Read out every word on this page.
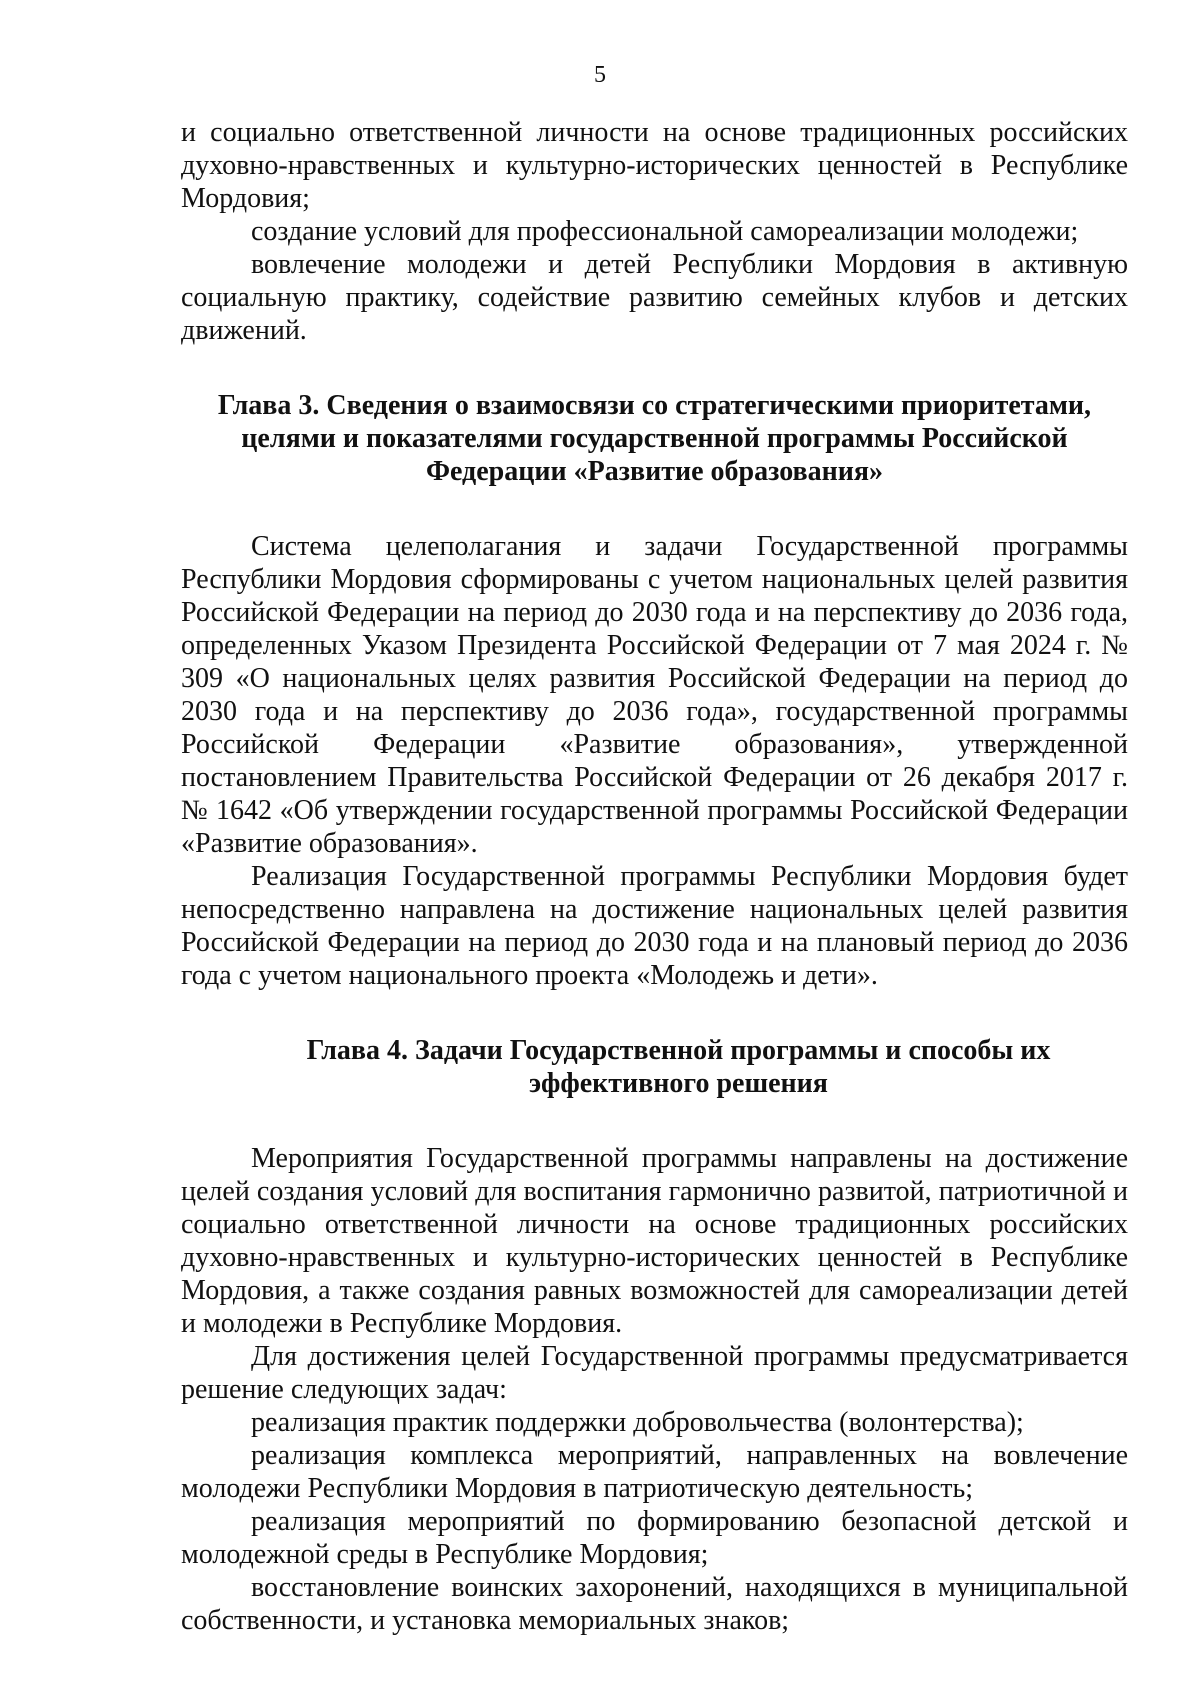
5

и социально ответственной личности на основе традиционных российских духовно-нравственных и культурно-исторических ценностей в Республике Мордовия;

создание условий для профессиональной самореализации молодежи;

вовлечение молодежи и детей Республики Мордовия в активную социальную практику, содействие развитию семейных клубов и детских движений.

Глава 3. Сведения о взаимосвязи со стратегическими приоритетами,
целями и показателями государственной программы Российской
Федерации «Развитие образования»

Система целеполагания и задачи Государственной программы Республики Мордовия сформированы с учетом национальных целей развития Российской Федерации на период до 2030 года и на перспективу до 2036 года, определенных Указом Президента Российской Федерации от 7 мая 2024 г. № 309 «О национальных целях развития Российской Федерации на период до 2030 года и на перспективу до 2036 года», государственной программы Российской Федерации «Развитие образования», утвержденной постановлением Правительства Российской Федерации от 26 декабря 2017 г. № 1642 «Об утверждении государственной программы Российской Федерации «Развитие образования».

Реализация Государственной программы Республики Мордовия будет непосредственно направлена на достижение национальных целей развития Российской Федерации на период до 2030 года и на плановый период до 2036 года с учетом национального проекта «Молодежь и дети».

Глава 4. Задачи Государственной программы и способы их
эффективного решения

Мероприятия Государственной программы направлены на достижение целей создания условий для воспитания гармонично развитой, патриотичной и социально ответственной личности на основе традиционных российских духовно-нравственных и культурно-исторических ценностей в Республике Мордовия, а также создания равных возможностей для самореализации детей и молодежи в Республике Мордовия.

Для достижения целей Государственной программы предусматривается решение следующих задач:

реализация практик поддержки добровольчества (волонтерства);

реализация комплекса мероприятий, направленных на вовлечение молодежи Республики Мордовия в патриотическую деятельность;

реализация мероприятий по формированию безопасной детской и молодежной среды в Республике Мордовия;

восстановление воинских захоронений, находящихся в муниципальной собственности, и установка мемориальных знаков;
